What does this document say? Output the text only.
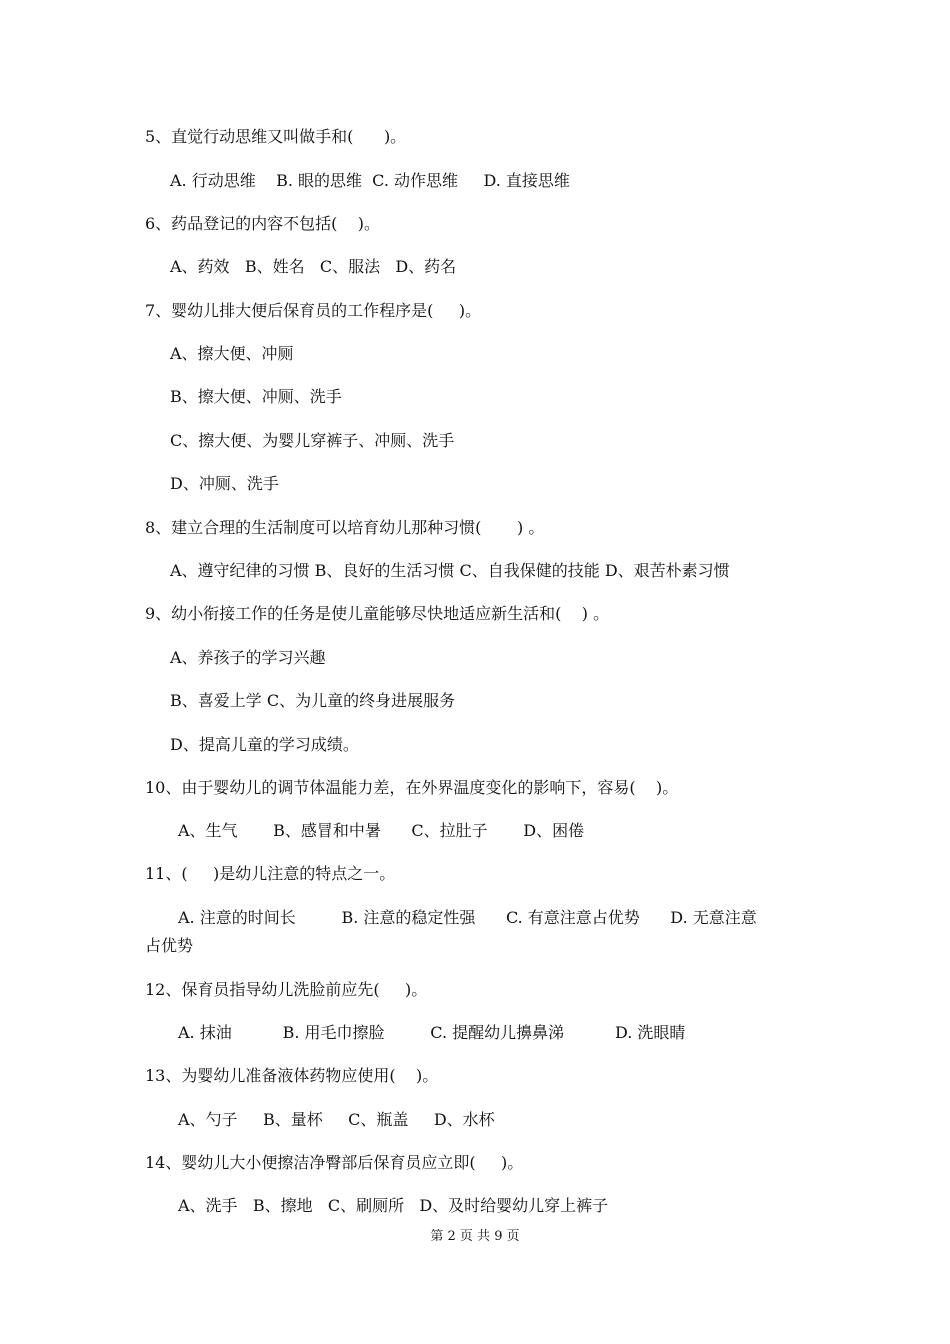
5、直觉行动思维又叫做手和(      )。

A. 行动思维    B. 眼的思维  C. 动作思维     D. 直接思维

6、药品登记的内容不包括(    )。

A、药效   B、姓名   C、服法   D、药名

7、婴幼儿排大便后保育员的工作程序是(     )。

A、擦大便、冲厕

B、擦大便、冲厕、洗手

C、擦大便、为婴儿穿裤子、冲厕、洗手

D、冲厕、洗手

8、建立合理的生活制度可以培育幼儿那种习惯(       ) 。

A、遵守纪律的习惯 B、良好的生活习惯 C、自我保健的技能 D、艰苦朴素习惯

9、幼小衔接工作的任务是使儿童能够尽快地适应新生活和(    ) 。

A、养孩子的学习兴趣

B、喜爱上学 C、为儿童的终身进展服务

D、提高儿童的学习成绩。

10、由于婴幼儿的调节体温能力差，在外界温度变化的影响下，容易(    )。

A、生气       B、感冒和中暑      C、拉肚子       D、困倦

11、(     )是幼儿注意的特点之一。

A. 注意的时间长         B. 注意的稳定性强      C. 有意注意占优势      D. 无意注意

占优势

12、保育员指导幼儿洗脸前应先(     )。

A. 抹油          B. 用毛巾擦脸         C. 提醒幼儿擤鼻涕          D. 洗眼睛

13、为婴幼儿准备液体药物应使用(    )。

A、勺子     B、量杯     C、瓶盖     D、水杯

14、婴幼儿大小便擦洁净臀部后保育员应立即(     )。

A、洗手   B、擦地   C、刷厕所   D、及时给婴幼儿穿上裤子

第 2 页 共 9 页
